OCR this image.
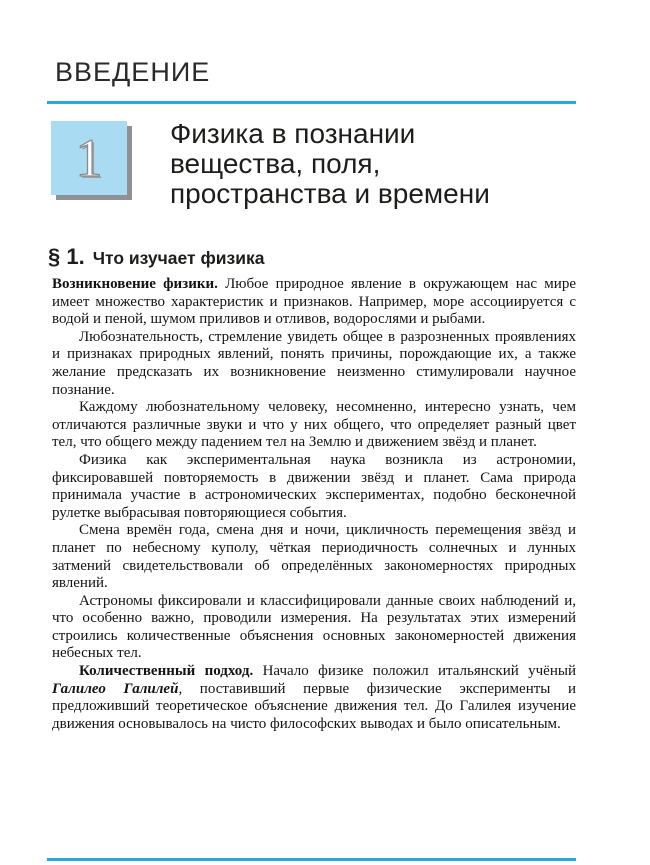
ВВЕДЕНИЕ
1 Физика в познании
вещества, поля,
пространства и времени
§ 1. Что изучает физика

Возникновение физики. Любое природное явление в окружающем нас мире имеет множество характеристик и признаков. Например, море ассоциируется с водой и пеной, шумом приливов и отливов, водорослями и рыбами.

Любознательность, стремление увидеть общее в разрозненных проявлениях и признаках природных явлений, понять причины, порождающие их, а также желание предсказать их возникновение неизменно стимулировали научное познание.

Каждому любознательному человеку, несомненно, интересно узнать, чем отличаются различные звуки и что у них общего, что определяет разный цвет тел, что общего между падением тел на Землю и движением звёзд и планет.

Физика как экспериментальная наука возникла из астрономии, фиксировавшей повторяемость в движении звёзд и планет. Сама природа принимала участие в астрономических экспериментах, подобно бесконечной рулетке выбрасывая повторяющиеся события.

Смена времён года, смена дня и ночи, цикличность перемещения звёзд и планет по небесному куполу, чёткая периодичность солнечных и лунных затмений свидетельствовали об определённых закономерностях природных явлений.

Астрономы фиксировали и классифицировали данные своих наблюдений и, что особенно важно, проводили измерения. На результатах этих измерений строились количественные объяснения основных закономерностей движения небесных тел.

Количественный подход. Начало физике положил итальянский учёный Галилео Галилей, поставивший первые физические эксперименты и предложивший теоретическое объяснение движения тел. До Галилея изучение движения основывалось на чисто философских выводах и было описательным.
